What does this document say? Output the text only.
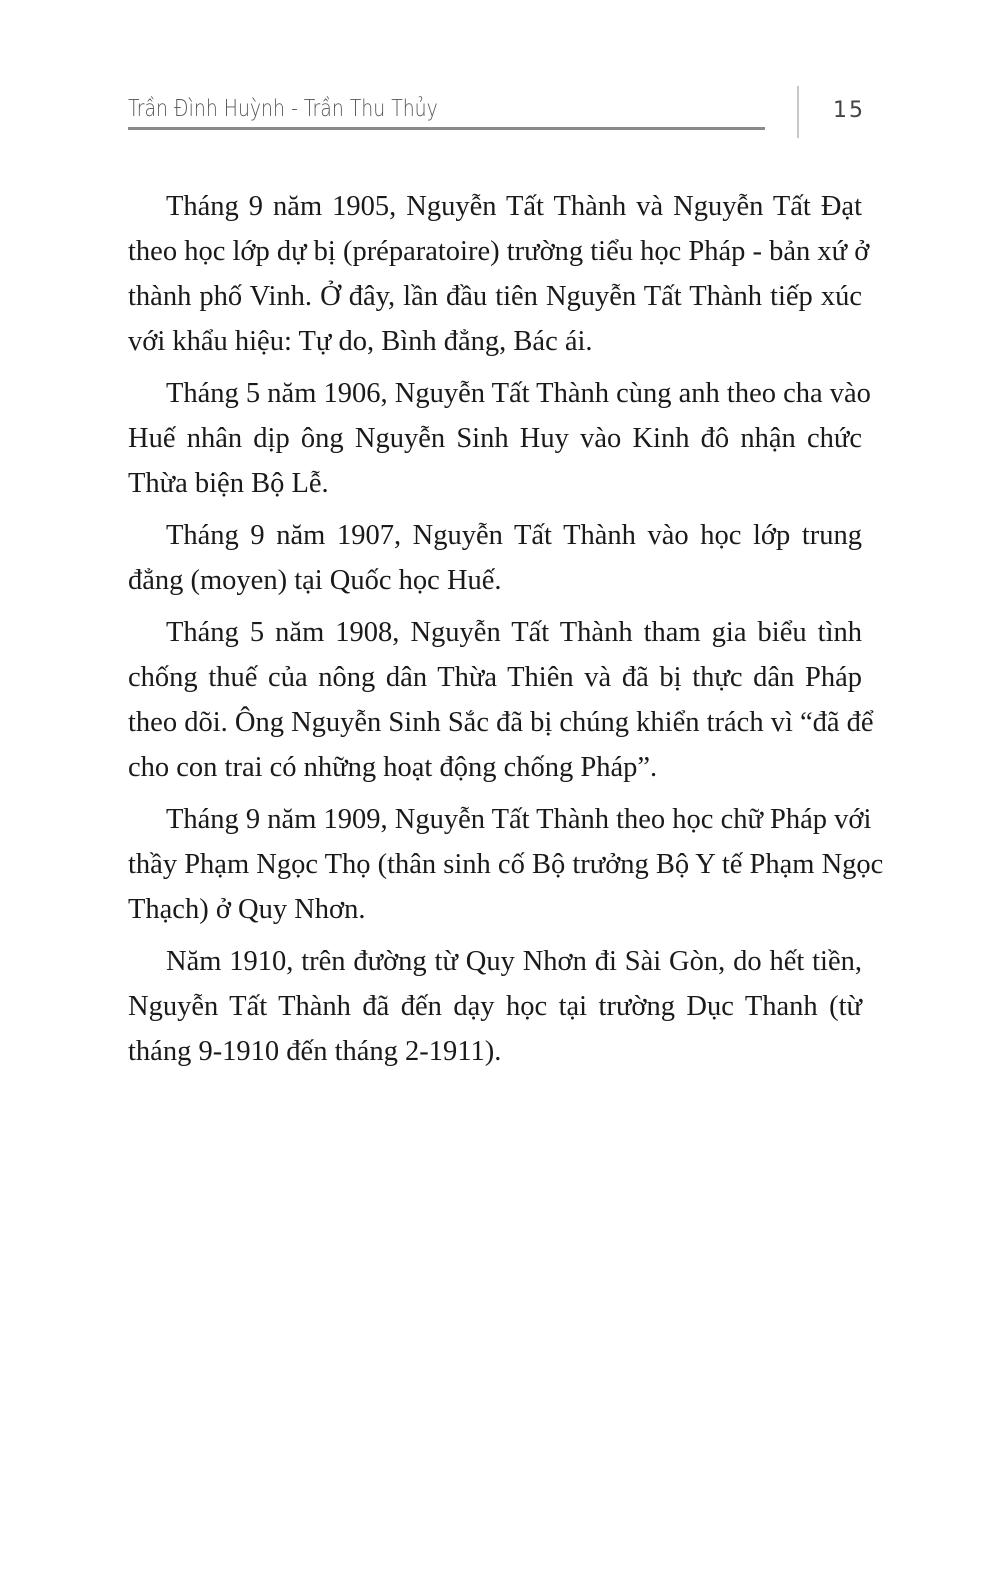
Trần Đình Huỳnh - Trần Thu Thủy	15
Tháng 9 năm 1905, Nguyễn Tất Thành và Nguyễn Tất Đạt
theo học lớp dự bị (préparatoire) trường tiểu học Pháp - bản xứ ở
thành phố Vinh. Ở đây, lần đầu tiên Nguyễn Tất Thành tiếp xúc
với khẩu hiệu: Tự do, Bình đẳng, Bác ái.
Tháng 5 năm 1906, Nguyễn Tất Thành cùng anh theo cha vào
Huế nhân dịp ông Nguyễn Sinh Huy vào Kinh đô nhận chức
Thừa biện Bộ Lễ.
Tháng 9 năm 1907, Nguyễn Tất Thành vào học lớp trung
đẳng (moyen) tại Quốc học Huế.
Tháng 5 năm 1908, Nguyễn Tất Thành tham gia biểu tình
chống thuế của nông dân Thừa Thiên và đã bị thực dân Pháp
theo dõi. Ông Nguyễn Sinh Sắc đã bị chúng khiển trách vì “đã để
cho con trai có những hoạt động chống Pháp”.
Tháng 9 năm 1909, Nguyễn Tất Thành theo học chữ Pháp với
thầy Phạm Ngọc Thọ (thân sinh cố Bộ trưởng Bộ Y tế Phạm Ngọc
Thạch) ở Quy Nhơn.
Năm 1910, trên đường từ Quy Nhơn đi Sài Gòn, do hết tiền,
Nguyễn Tất Thành đã đến dạy học tại trường Dục Thanh (từ
tháng 9-1910 đến tháng 2-1911).
